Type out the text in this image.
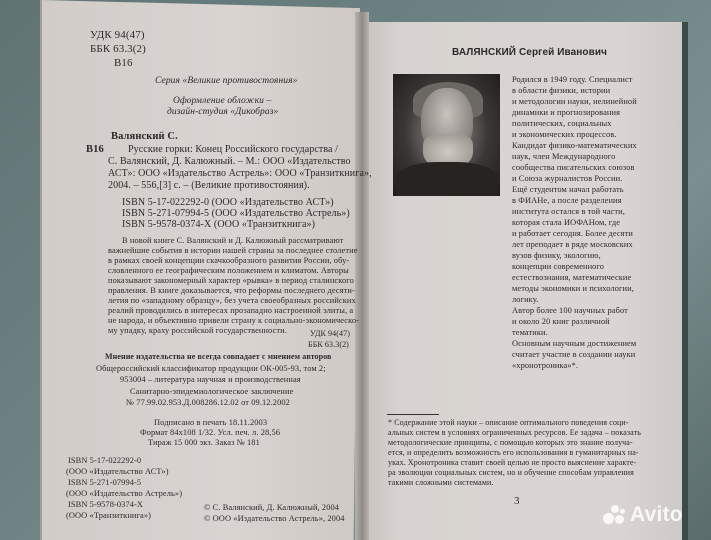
УДК 94(47)
ББК 63.3(2)
В16
Серия «Великие противостояния»
Оформление обложки –
дизайн-студия «Дикобраз»
Валянский С.
В16 Русские горки: Конец Российского государства /
С. Валянский, Д. Калюжный. – М.: ООО «Издательство
АСТ»: ООО «Издательство Астрель»: ООО «Транзиткнига»,
2004. – 556,[3] с. – (Великие противостояния).
ISBN 5-17-022292-0 (ООО «Издательство АСТ»)
ISBN 5-271-07994-5 (ООО «Издательство Астрель»)
ISBN 5-9578-0374-X (ООО «Транзиткнига»)
В новой книге С. Валянский и Д. Калюжный рассматривают
важнейшие события в истории нашей страны за последнее столетие
в рамках своей концепции скачкообразного развития России, обу-
словленного ее географическим положением и климатом. Авторы
показывают закономерный характер «рывка» в период сталинского
правления. В книге доказывается, что реформы последнего десяти-
летия по «западному образцу», без учета своеобразных российских
реалий проводились в интересах прозападно настроенной элиты, а
не народа, и объективно привели страну к социально-экономическо-
му упадку, краху российской государственности.	УДК 94(47)
ББК 63.3(2)
Мнение издательства не всегда совпадает с мнением авторов
Общероссийский классификатор продукции ОК-005-93, том 2;
953004 – литература научная и производственная
Санитарно-эпидемиологическое заключение
№ 77.99.02.953.Д.008286.12.02 от 09.12.2002
Подписано в печать 18.11.2003
Формат 84х108 1/32. Усл. печ. л. 28,56
Тираж 15 000 экз. Заказ № 181
ISBN 5-17-022292-0
(ООО «Издательство АСТ»)
ISBN 5-271-07994-5
(ООО «Издательство Астрель»)
ISBN 5-9578-0374-X
(ООО «Транзиткнига»)
© С. Валянский, Д. Калюжный, 2004
© ООО «Издательство Астрель», 2004
ВАЛЯНСКИЙ Сергей Иванович
Родился в 1949 году. Специалист
в области физики, истории
и методологии науки, нелинейной
динамики и прогнозирования
политических, социальных
и экономических процессов.
Кандидат физико-математических
наук, член Международного
сообщества писательских союзов
и Союза журналистов России.
Ещё студентом начал работать
в ФИАНе, а после разделения
института остался в той части,
которая стала ИОФАНом, где
и работает сегодня. Более десяти
лет преподает в ряде московских
вузов физику, экологию,
концепции современного
естествознания, математические
методы экономики и психологии,
логику.
Автор более 100 научных работ
и около 20 книг различной
тематики.
Основным научным достижением
считает участие в создании науки
«хронотроника»*.
* Содержание этой науки – описание оптимального поведения соци-
альных систем в условиях ограниченных ресурсов. Ее задача – показать
методологические принципы, с помощью которых это знание получа-
ется, и определить возможность его использования в гуманитарных на-
уках. Хронотроника ставит своей целью не просто выяснение характе-
ра эволюции социальных систем, но и обучение способам управления
такими сложными системами.
3
Avito
